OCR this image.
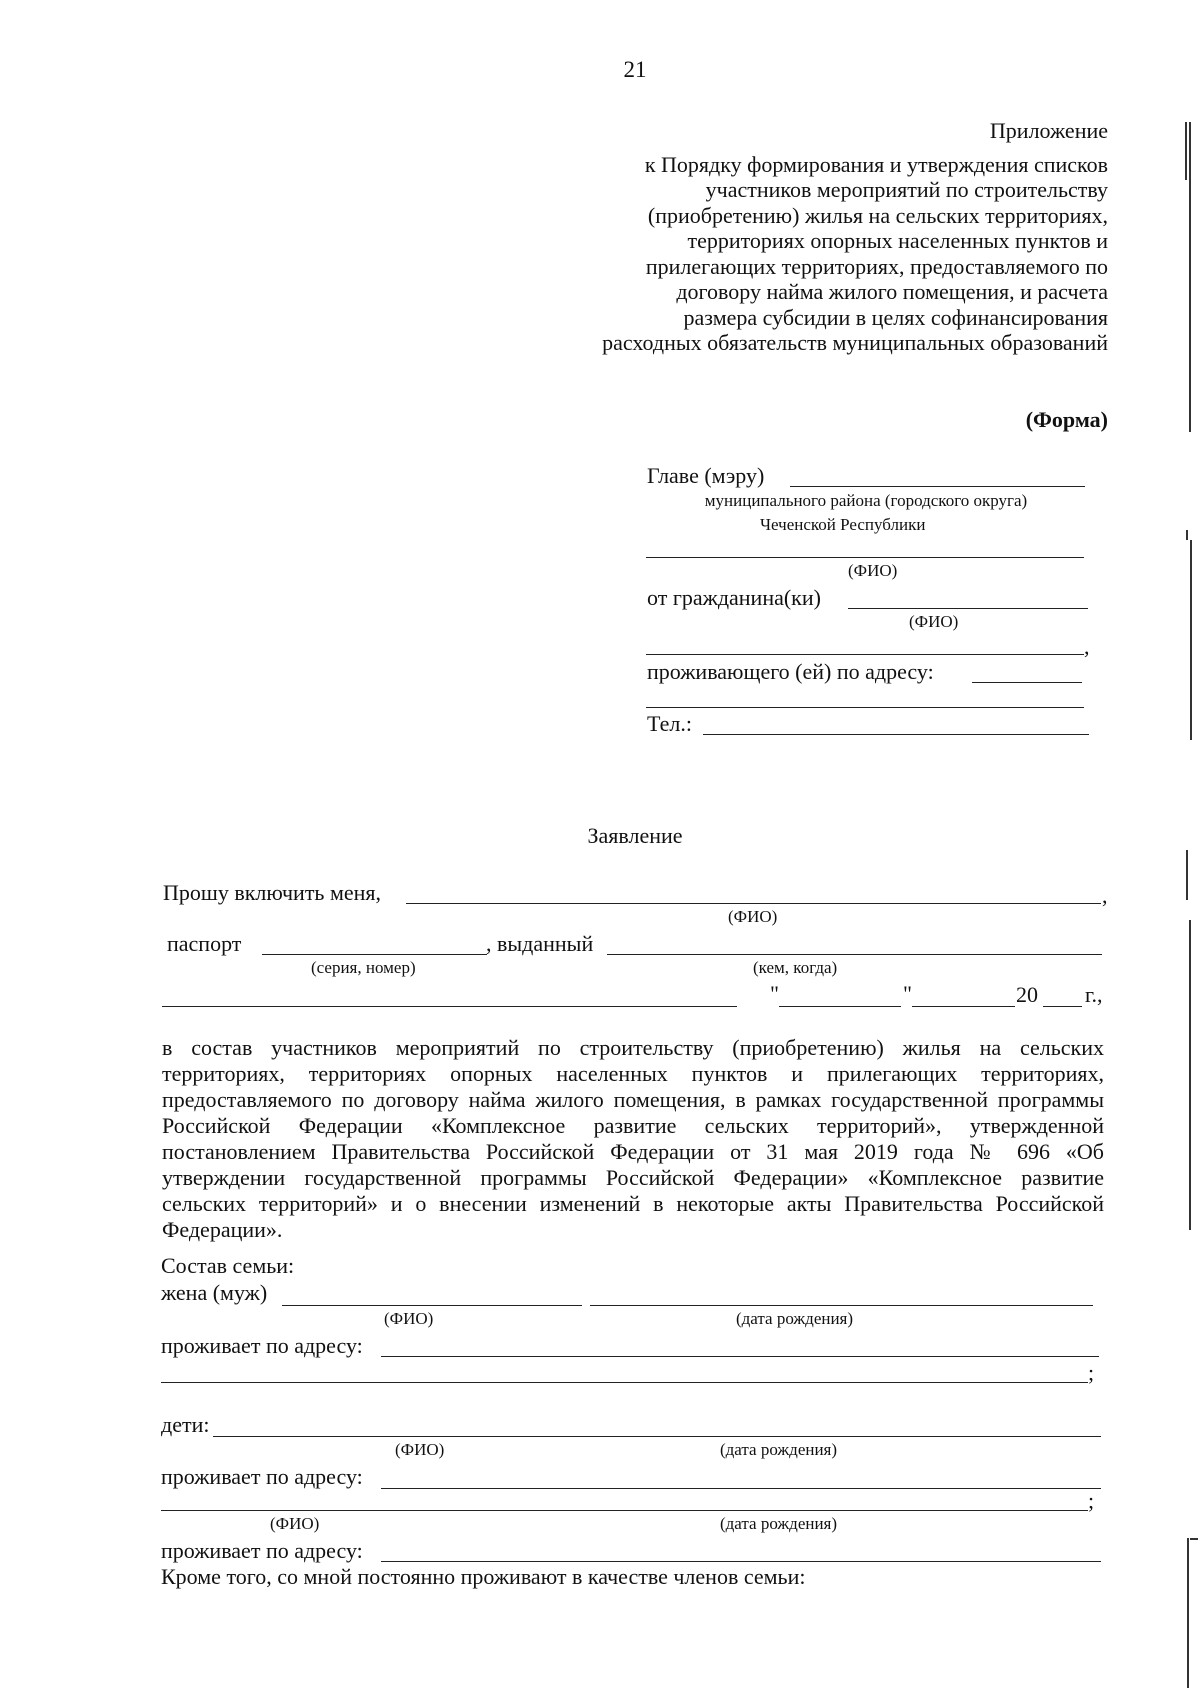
21
Приложение
к Порядку формирования и утверждения списков
участников мероприятий по строительству
(приобретению) жилья на сельских территориях,
территориях опорных населенных пунктов и
прилегающих территориях, предоставляемого по
договору найма жилого помещения, и расчета
размера субсидии в целях софинансирования
расходных обязательств муниципальных образований
(Форма)
Главе (мэру)
муниципального района (городского округа)
Чеченской Республики
(ФИО)
от гражданина(ки)
(ФИО)
,
проживающего (ей) по адресу:
Тел.:
Заявление
Прошу включить меня,	,
(ФИО)
паспорт	, выданный
(серия, номер)	(кем, когда)
"	"	20 г.,
в состав участников мероприятий по строительству (приобретению) жилья на сельских территориях, территориях опорных населенных пунктов и прилегающих территориях, предоставляемого по договору найма жилого помещения, в рамках государственной программы Российской Федерации «Комплексное развитие сельских территорий», утвержденной постановлением Правительства Российской Федерации от 31 мая 2019 года № 696 «Об утверждении государственной программы Российской Федерации» «Комплексное развитие сельских территорий» и о внесении изменений в некоторые акты Правительства Российской Федерации».
Состав семьи:
жена (муж)
(ФИО)	(дата рождения)
проживает по адресу:
;
дети:
(ФИО)	(дата рождения)
проживает по адресу:
;
(ФИО)	(дата рождения)
проживает по адресу:
Кроме того, со мной постоянно проживают в качестве членов семьи:
